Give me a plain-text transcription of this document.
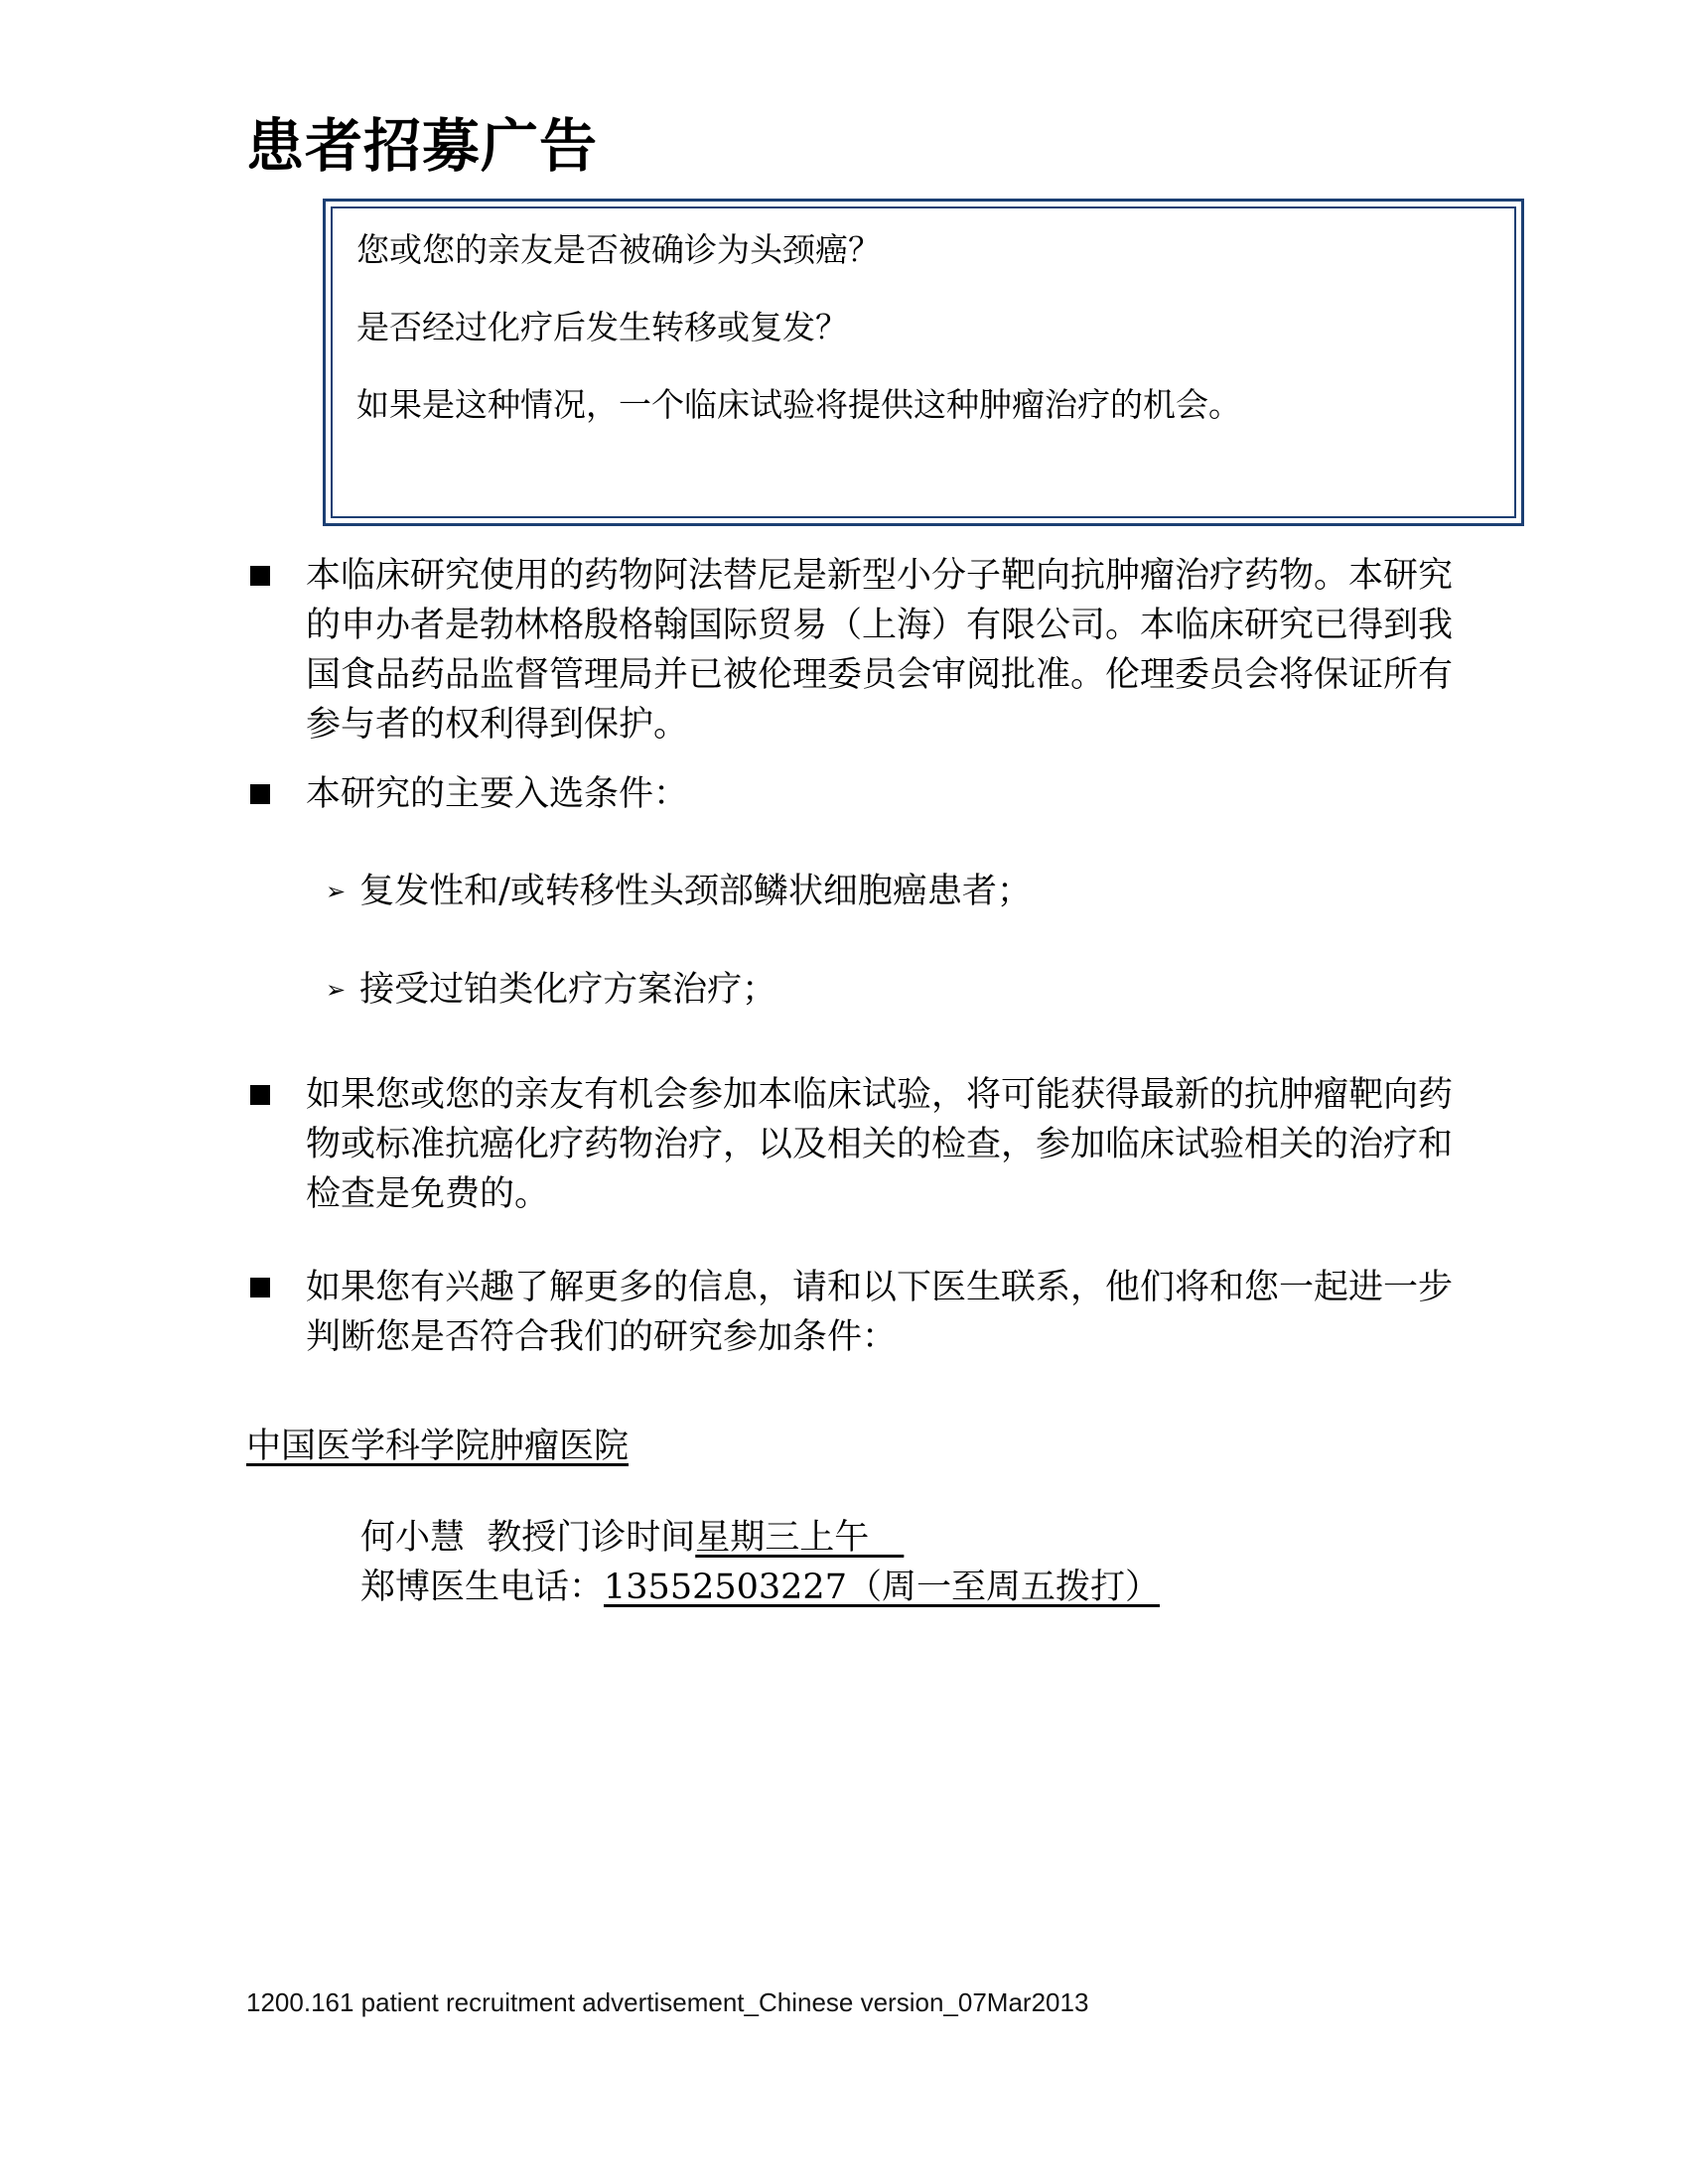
患者招募广告

您或您的亲友是否被确诊为头颈癌？

是否经过化疗后发生转移或复发？

如果是这种情况，一个临床试验将提供这种肿瘤治疗的机会。

本临床研究使用的药物阿法替尼是新型小分子靶向抗肿瘤治疗药物。本研究的申办者是勃林格殷格翰国际贸易（上海）有限公司。本临床研究已得到我国食品药品监督管理局并已被伦理委员会审阅批准。伦理委员会将保证所有参与者的权利得到保护。
本研究的主要入选条件：
➢ 复发性和/或转移性头颈部鳞状细胞癌患者；
➢ 接受过铂类化疗方案治疗；
如果您或您的亲友有机会参加本临床试验，将可能获得最新的抗肿瘤靶向药物或标准抗癌化疗药物治疗，以及相关的检查，参加临床试验相关的治疗和检查是免费的。
如果您有兴趣了解更多的信息，请和以下医生联系，他们将和您一起进一步判断您是否符合我们的研究参加条件：

中国医学科学院肿瘤医院

何小慧  教授门诊时间星期三上午__

郑博医生电话：13552503227（周一至周五拨打）

1200.161 patient recruitment advertisement_Chinese version_07Mar2013
